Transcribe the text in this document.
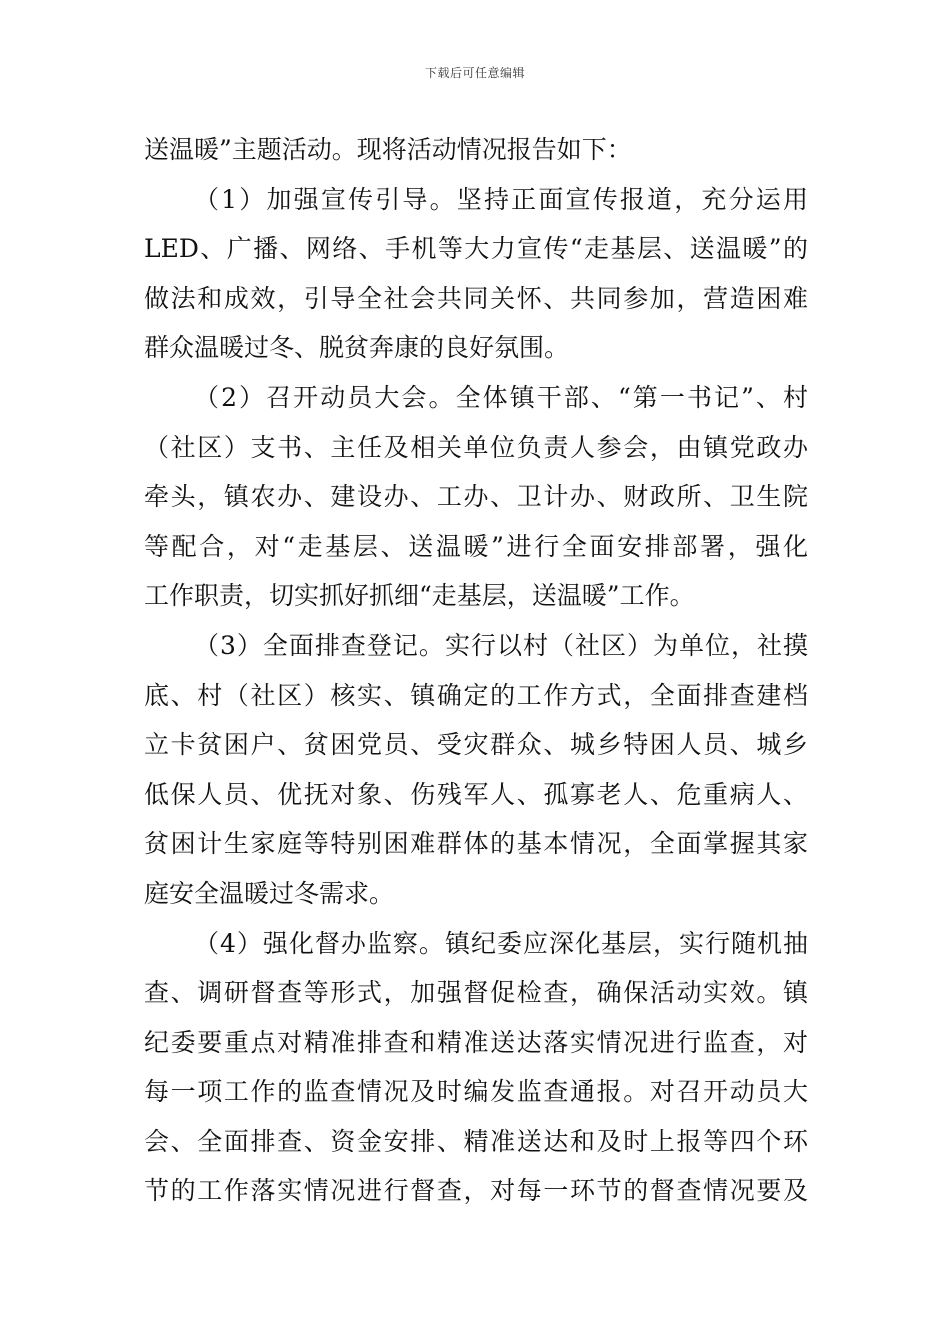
下载后可任意编辑
送温暖”主题活动。现将活动情况报告如下：
（1）加强宣传引导。坚持正面宣传报道，充分运用
LED、广播、网络、手机等大力宣传“走基层、送温暖”的
做法和成效，引导全社会共同关怀、共同参加，营造困难
群众温暖过冬、脱贫奔康的良好氛围。
（2）召开动员大会。全体镇干部、“第一书记”、村
（社区）支书、主任及相关单位负责人参会，由镇党政办
牵头，镇农办、建设办、工办、卫计办、财政所、卫生院
等配合，对“走基层、送温暖”进行全面安排部署，强化
工作职责，切实抓好抓细“走基层，送温暖”工作。
（3）全面排查登记。实行以村（社区）为单位，社摸
底、村（社区）核实、镇确定的工作方式，全面排查建档
立卡贫困户、贫困党员、受灾群众、城乡特困人员、城乡
低保人员、优抚对象、伤残军人、孤寡老人、危重病人、
贫困计生家庭等特别困难群体的基本情况，全面掌握其家
庭安全温暖过冬需求。
（4）强化督办监察。镇纪委应深化基层，实行随机抽
查、调研督查等形式，加强督促检查，确保活动实效。镇
纪委要重点对精准排查和精准送达落实情况进行监查，对
每一项工作的监查情况及时编发监查通报。对召开动员大
会、全面排查、资金安排、精准送达和及时上报等四个环
节的工作落实情况进行督查，对每一环节的督查情况要及
